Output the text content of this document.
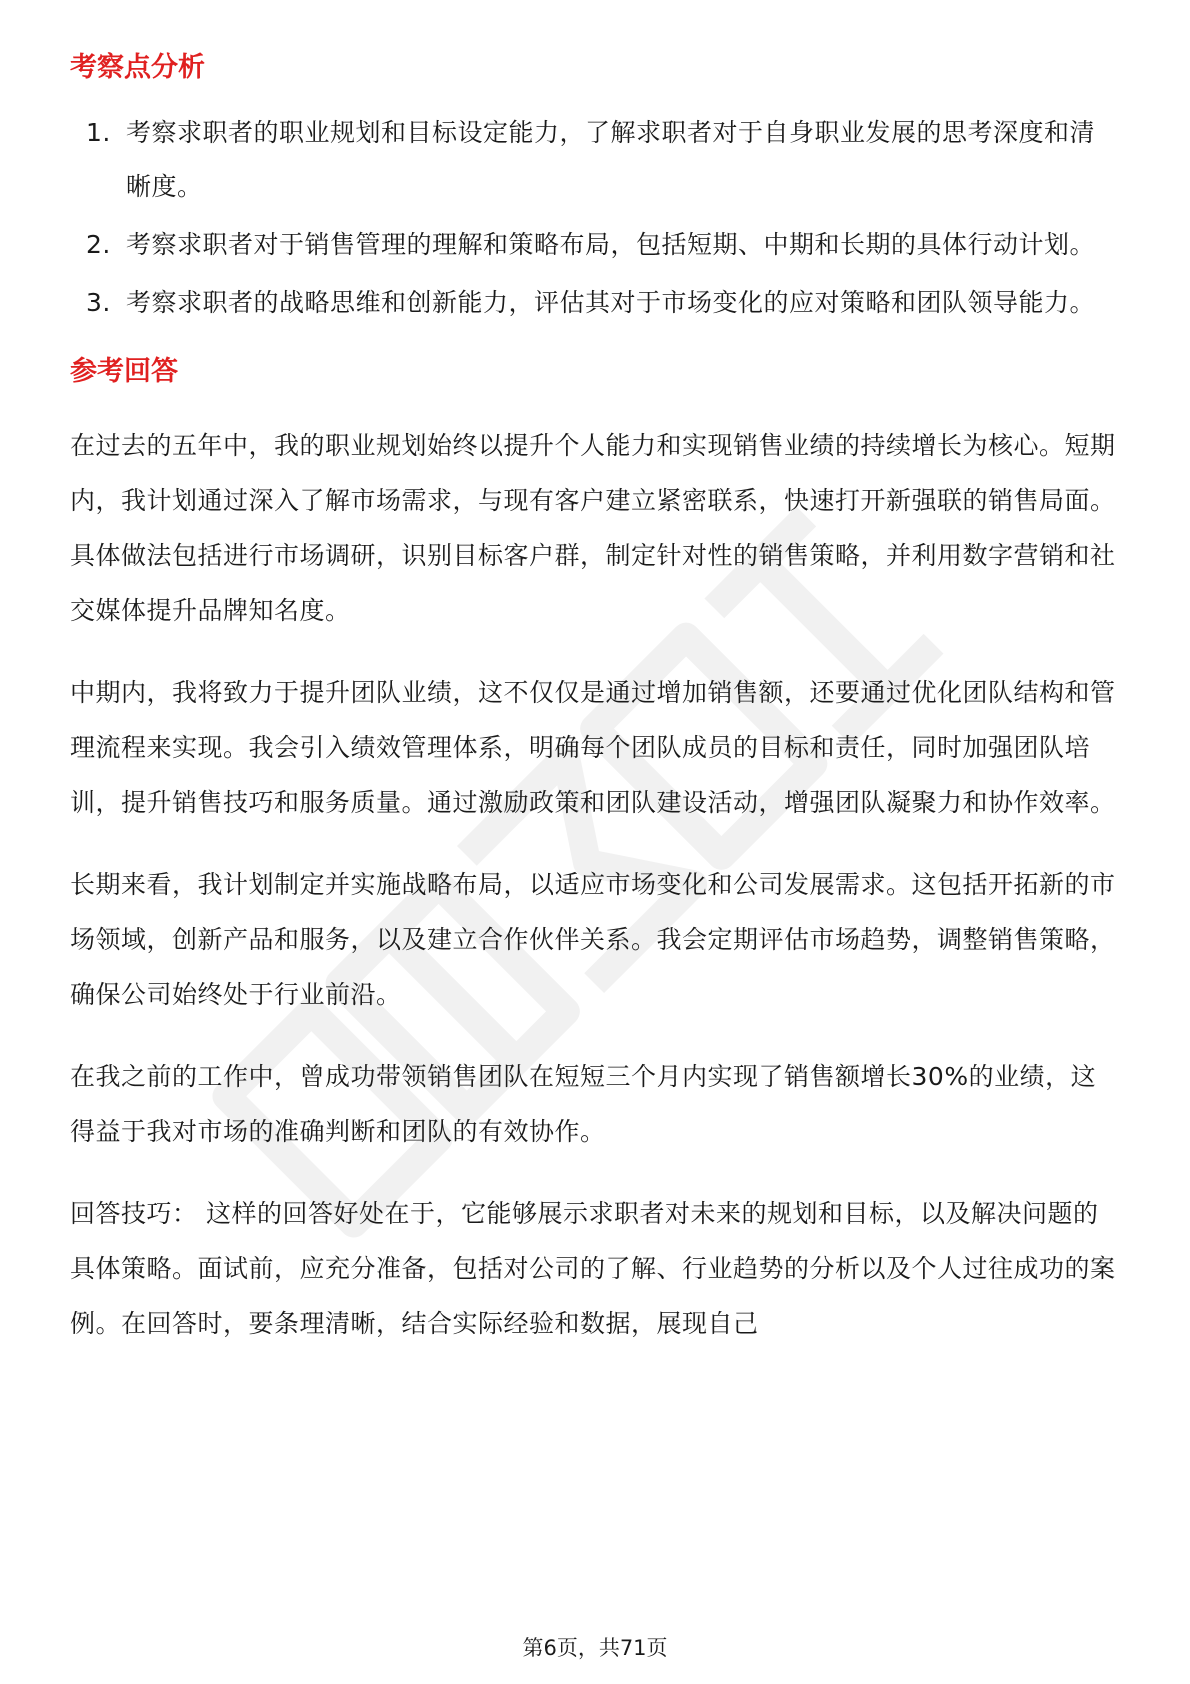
考察点分析
1. 考察求职者的职业规划和目标设定能力，了解求职者对于自身职业发展的思考深度和清晰度。
2. 考察求职者对于销售管理的理解和策略布局，包括短期、中期和长期的具体行动计划。
3. 考察求职者的战略思维和创新能力，评估其对于市场变化的应对策略和团队领导能力。
参考回答

在过去的五年中，我的职业规划始终以提升个人能力和实现销售业绩的持续增长为核心。短期内，我计划通过深入了解市场需求，与现有客户建立紧密联系，快速打开新强联的销售局面。具体做法包括进行市场调研，识别目标客户群，制定针对性的销售策略，并利用数字营销和社交媒体提升品牌知名度。

中期内，我将致力于提升团队业绩，这不仅仅是通过增加销售额，还要通过优化团队结构和管理流程来实现。我会引入绩效管理体系，明确每个团队成员的目标和责任，同时加强团队培训，提升销售技巧和服务质量。通过激励政策和团队建设活动，增强团队凝聚力和协作效率。

长期来看，我计划制定并实施战略布局，以适应市场变化和公司发展需求。这包括开拓新的市场领域，创新产品和服务，以及建立合作伙伴关系。我会定期评估市场趋势，调整销售策略，确保公司始终处于行业前沿。

在我之前的工作中，曾成功带领销售团队在短短三个月内实现了销售额增长30%的业绩，这得益于我对市场的准确判断和团队的有效协作。

回答技巧： 这样的回答好处在于，它能够展示求职者对未来的规划和目标，以及解决问题的具体策略。面试前，应充分准备，包括对公司的了解、行业趋势的分析以及个人过往成功的案例。在回答时，要条理清晰，结合实际经验和数据，展现自己

第6页，共71页
